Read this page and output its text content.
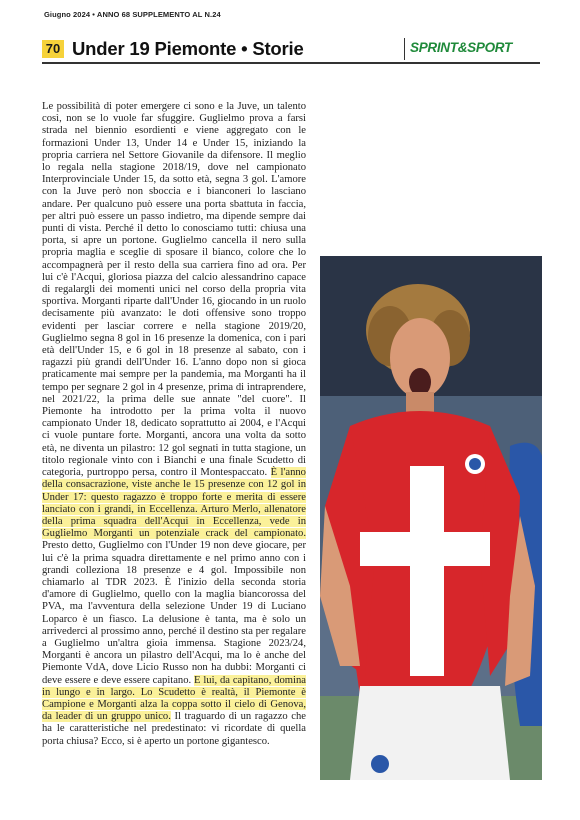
Giugno 2024 • ANNO 68 SUPPLEMENTO AL N.24
70 Under 19 Piemonte • Storie	SPRINT&SPORT

Le possibilità di poter emergere ci sono e la Juve, un talento così, non se lo vuole far sfuggire. Guglielmo prova a farsi strada nel biennio esordienti e viene aggregato con le formazioni Under 13, Under 14 e Under 15, iniziando la propria carriera nel Settore Giovanile da difensore. Il meglio lo regala nella stagione 2018/19, dove nel campionato Interprovinciale Under 15, da sotto età, segna 3 gol. L'amore con la Juve però non sboccia e i bianconeri lo lasciano andare. Per qualcuno può essere una porta sbattuta in faccia, per altri può essere un passo indietro, ma dipende sempre dai punti di vista. Perché il detto lo conosciamo tutti: chiusa una porta, si apre un portone. Guglielmo cancella il nero sulla propria maglia e sceglie di sposare il bianco, colore che lo accompagnerà per il resto della sua carriera fino ad ora. Per lui c'è l'Acqui, gloriosa piazza del calcio alessandrino capace di regalargli dei momenti unici nel corso della propria vita sportiva. Morganti riparte dall'Under 16, giocando in un ruolo decisamente più avanzato: le doti offensive sono troppo evidenti per lasciar correre e nella stagione 2019/20, Guglielmo segna 8 gol in 16 presenze la domenica, con i pari età dell'Under 15, e 6 gol in 18 presenze al sabato, con i ragazzi più grandi dell'Under 16. L'anno dopo non si gioca praticamente mai sempre per la pandemia, ma Morganti ha il tempo per segnare 2 gol in 4 presenze, prima di intraprendere, nel 2021/22, la prima delle sue annate "del cuore". Il Piemonte ha introdotto per la prima volta il nuovo campionato Under 18, dedicato soprattutto ai 2004, e l'Acqui ci vuole puntare forte. Morganti, ancora una volta da sotto età, ne diventa un pilastro: 12 gol segnati in tutta stagione, un titolo regionale vinto con i Bianchi e una finale Scudetto di categoria, purtroppo persa, contro il Montespaccato. È l'anno della consacrazione, viste anche le 15 presenze con 12 gol in Under 17: questo ragazzo è troppo forte e merita di essere lanciato con i grandi, in Eccellenza. Arturo Merlo, allenatore della prima squadra dell'Acqui in Eccellenza, vede in Guglielmo Morganti un potenziale crack del campionato. Presto detto, Guglielmo con l'Under 19 non deve giocare, per lui c'è la prima squadra direttamente e nel primo anno con i grandi collezionа 18 presenze e 4 gol. Impossibile non chiamarlo al TDR 2023. È l'inizio della seconda storia d'amore di Guglielmo, quello con la maglia biancorossa del PVA, ma l'avventura della selezione Under 19 di Luciano Loparco è un fiasco. La delusione è tanta, ma è solo un arrivederci al prossimo anno, perché il destino sta per regalare a Guglielmo un'altra gioia immensa. Stagione 2023/24, Morganti è ancora un pilastro dell'Acqui, ma lo è anche del Piemonte VdA, dove Licio Russo non ha dubbi: Morganti ci deve essere e deve essere capitano. E lui, da capitano, domina in lungo e in largo. Lo Scudetto è realtà, il Piemonte è Campione e Morganti alza la coppa sotto il cielo di Genova, da leader di un gruppo unico. Il traguardo di un ragazzo che ha le caratteristiche nel predestinato: vi ricordate di quella porta chiusa? Ecco, si è aperto un portone gigantesco.
